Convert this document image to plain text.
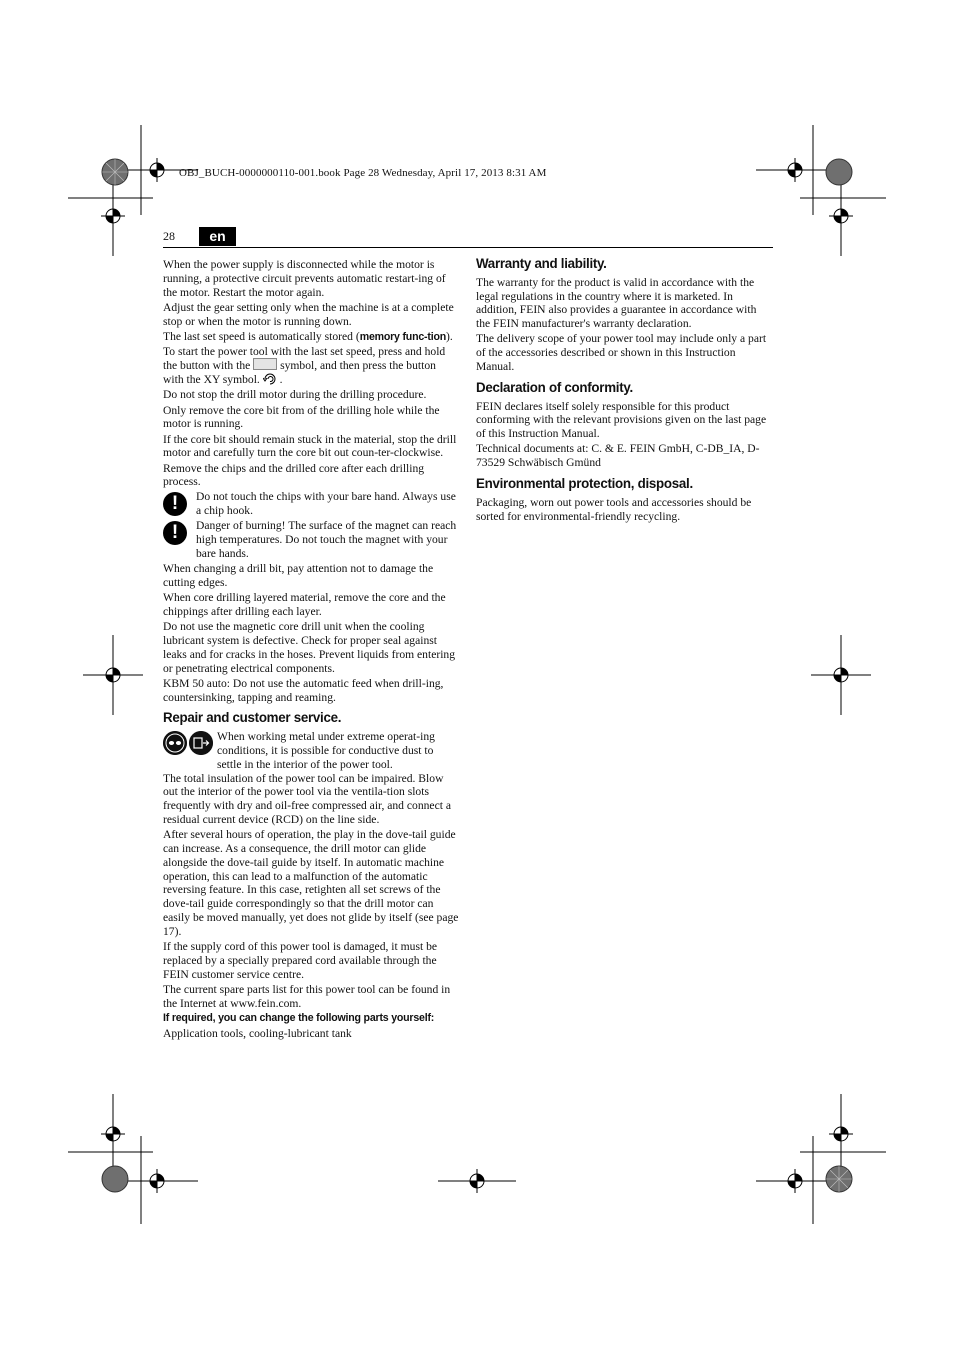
OBJ_BUCH-0000000110-001.book Page 28 Wednesday, April 17, 2013 8:31 AM
28	en

When the power supply is disconnected while the motor is running, a protective circuit prevents automatic restart-ing of the motor. Restart the motor again.

Adjust the gear setting only when the machine is at a complete stop or when the motor is running down.

The last set speed is automatically stored (memory func-tion). To start the power tool with the last set speed, press and hold the button with the	symbol, and then press the button with the XY symbol. .

Do not stop the drill motor during the drilling procedure.

Only remove the core bit from of the drilling hole while the motor is running.

If the core bit should remain stuck in the material, stop the drill motor and carefully turn the core bit out coun-ter-clockwise.

Remove the chips and the drilled core after each drilling process.

!	Do not touch the chips with your bare hand. Always use a chip hook.
!	Danger of burning! The surface of the magnet can reach high temperatures. Do not touch the magnet with your bare hands.

When changing a drill bit, pay attention not to damage the cutting edges.

When core drilling layered material, remove the core and the chippings after drilling each layer.

Do not use the magnetic core drill unit when the cooling lubricant system is defective. Check for proper seal against leaks and for cracks in the hoses. Prevent liquids from entering or penetrating electrical components.

KBM 50 auto: Do not use the automatic feed when drill-ing, countersinking, tapping and reaming.

Repair and customer service.
When working metal under extreme operat-ing conditions, it is possible for conductive dust to settle in the interior of the power tool.

The total insulation of the power tool can be impaired. Blow out the interior of the power tool via the ventila-tion slots frequently with dry and oil-free compressed air, and connect a residual current device (RCD) on the line side.

After several hours of operation, the play in the dove-tail guide can increase. As a consequence, the drill motor can glide alongside the dove-tail guide by itself. In automatic machine operation, this can lead to a malfunction of the automatic reversing feature. In this case, retighten all set screws of the dove-tail guide correspondingly so that the drill motor can easily be moved manually, yet does not glide by itself (see page 17).

If the supply cord of this power tool is damaged, it must be replaced by a specially prepared cord available through the FEIN customer service centre.

The current spare parts list for this power tool can be found in the Internet at www.fein.com.

If required, you can change the following parts yourself:

Application tools, cooling-lubricant tank

Warranty and liability.

The warranty for the product is valid in accordance with the legal regulations in the country where it is marketed. In addition, FEIN also provides a guarantee in accordance with the FEIN manufacturer's warranty declaration.

The delivery scope of your power tool may include only a part of the accessories described or shown in this Instruction Manual.

Declaration of conformity.

FEIN declares itself solely responsible for this product conforming with the relevant provisions given on the last page of this Instruction Manual.

Technical documents at: C. & E. FEIN GmbH, C-DB_IA, D-73529 Schwäbisch Gmünd

Environmental protection, disposal.

Packaging, worn out power tools and accessories should be sorted for environmental-friendly recycling.
